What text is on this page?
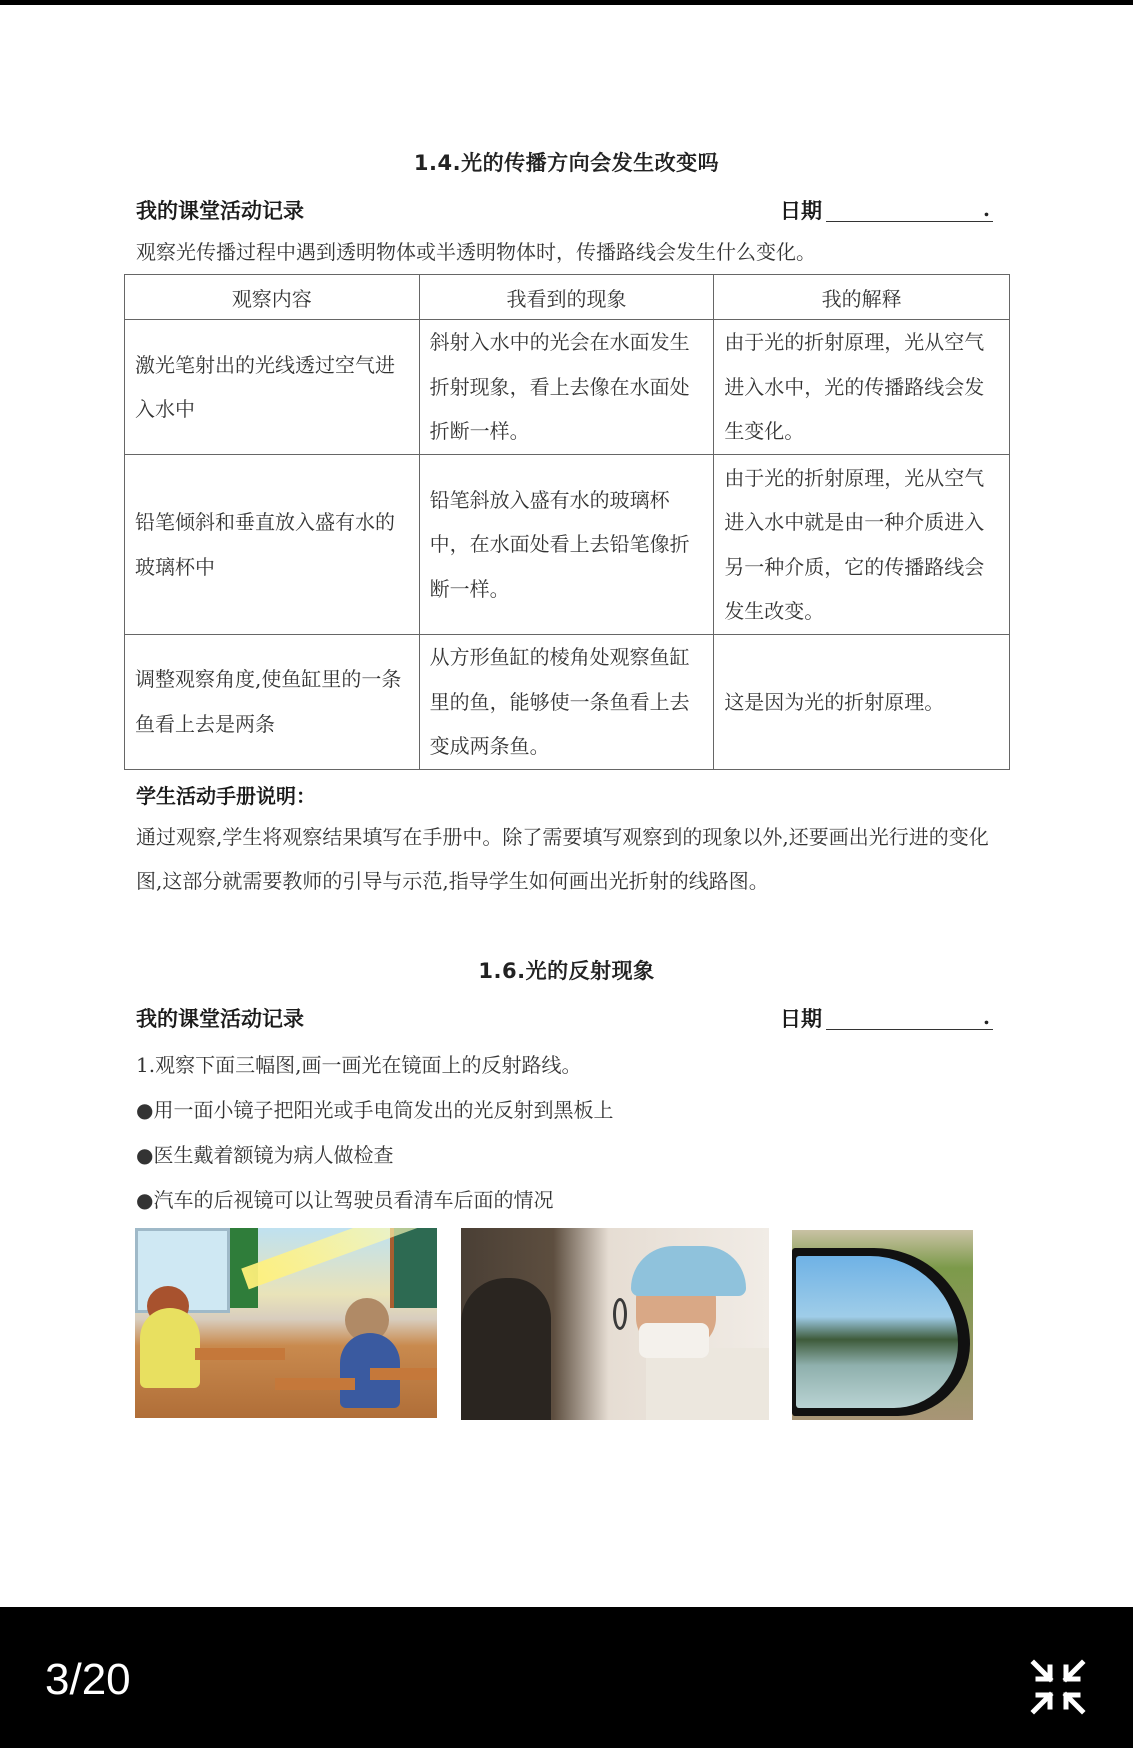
1.4.光的传播方向会发生改变吗
我的课堂活动记录	日期	.
观察光传播过程中遇到透明物体或半透明物体时，传播路线会发生什么变化。
观察内容	我看到的现象	我的解释
激光笔射出的光线透过空气进入水中	斜射入水中的光会在水面发生折射现象，看上去像在水面处折断一样。	由于光的折射原理，光从空气进入水中，光的传播路线会发生变化。
铅笔倾斜和垂直放入盛有水的玻璃杯中	铅笔斜放入盛有水的玻璃杯中，在水面处看上去铅笔像折断一样。	由于光的折射原理，光从空气进入水中就是由一种介质进入另一种介质，它的传播路线会发生改变。
调整观察角度,使鱼缸里的一条鱼看上去是两条	从方形鱼缸的棱角处观察鱼缸里的鱼，能够使一条鱼看上去变成两条鱼。	这是因为光的折射原理。
学生活动手册说明：
通过观察,学生将观察结果填写在手册中。除了需要填写观察到的现象以外,还要画出光行进的变化图,这部分就需要教师的引导与示范,指导学生如何画出光折射的线路图。
1.6.光的反射现象
我的课堂活动记录	日期	.
1.观察下面三幅图,画一画光在镜面上的反射路线。
●用一面小镜子把阳光或手电筒发出的光反射到黑板上
●医生戴着额镜为病人做检查
●汽车的后视镜可以让驾驶员看清车后面的情况
3/20
